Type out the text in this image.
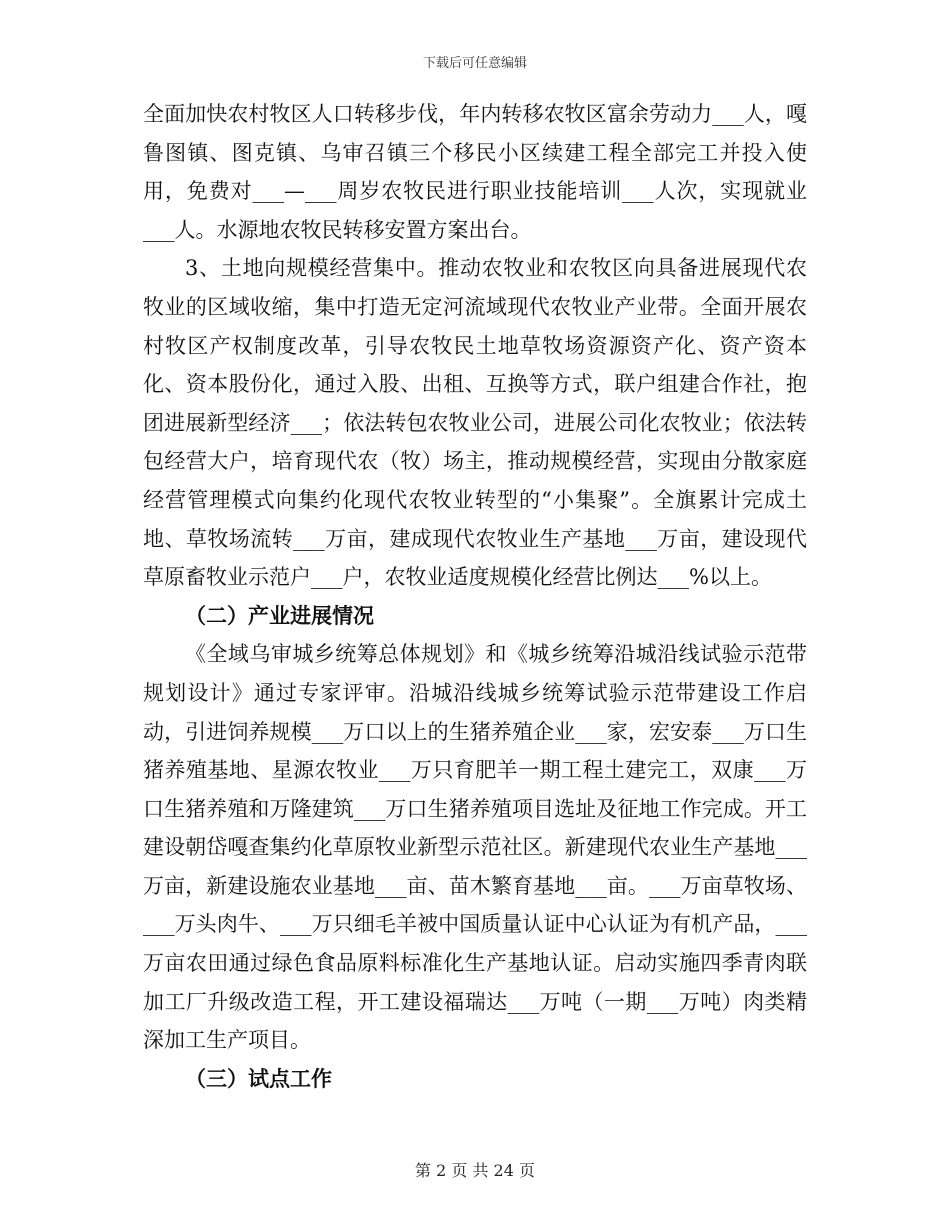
下载后可任意编辑

全面加快农村牧区人口转移步伐，年内转移农牧区富余劳动力___人，嘎鲁图镇、图克镇、乌审召镇三个移民小区续建工程全部完工并投入使用，免费对___—___周岁农牧民进行职业技能培训___人次，实现就业___人。水源地农牧民转移安置方案出台。

3、土地向规模经营集中。推动农牧业和农牧区向具备进展现代农牧业的区域收缩，集中打造无定河流域现代农牧业产业带。全面开展农村牧区产权制度改革，引导农牧民土地草牧场资源资产化、资产资本化、资本股份化，通过入股、出租、互换等方式，联户组建合作社，抱团进展新型经济___；依法转包农牧业公司，进展公司化农牧业；依法转包经营大户，培育现代农（牧）场主，推动规模经营，实现由分散家庭经营管理模式向集约化现代农牧业转型的“小集聚”。全旗累计完成土地、草牧场流转___万亩，建成现代农牧业生产基地___万亩，建设现代草原畜牧业示范户___户，农牧业适度规模化经营比例达___%以上。

（二）产业进展情况

《全域乌审城乡统筹总体规划》和《城乡统筹沿城沿线试验示范带规划设计》通过专家评审。沿城沿线城乡统筹试验示范带建设工作启动，引进饲养规模___万口以上的生猪养殖企业___家，宏安泰___万口生猪养殖基地、星源农牧业___万只育肥羊一期工程土建完工，双康___万口生猪养殖和万隆建筑___万口生猪养殖项目选址及征地工作完成。开工建设朝岱嘎查集约化草原牧业新型示范社区。新建现代农业生产基地___万亩，新建设施农业基地___亩、苗木繁育基地___亩。___万亩草牧场、___万头肉牛、___万只细毛羊被中国质量认证中心认证为有机产品，___万亩农田通过绿色食品原料标准化生产基地认证。启动实施四季青肉联加工厂升级改造工程，开工建设福瑞达___万吨（一期___万吨）肉类精深加工生产项目。

（三）试点工作

第 2 页 共 24 页
